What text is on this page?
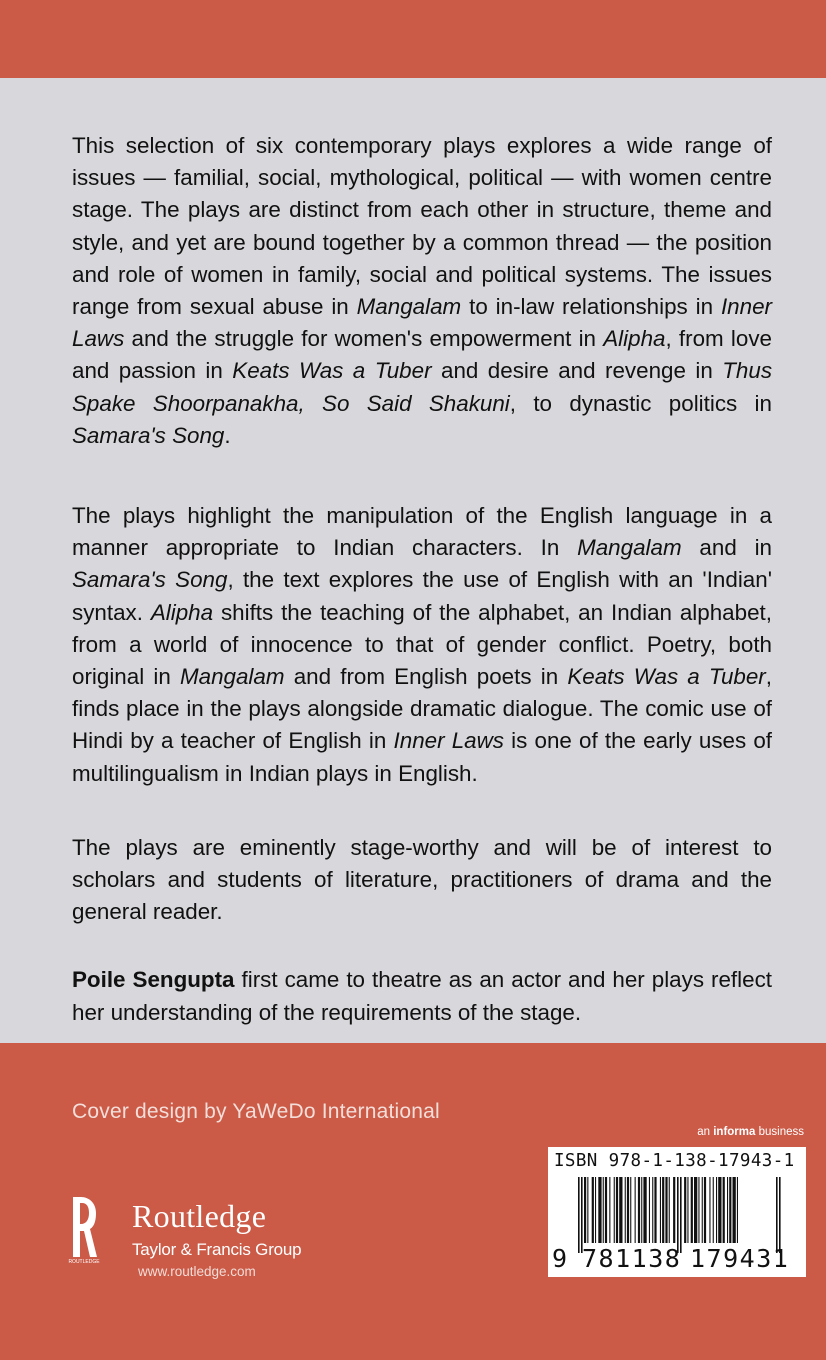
This selection of six contemporary plays explores a wide range of issues — familial, social, mythological, political — with women centre stage. The plays are distinct from each other in structure, theme and style, and yet are bound together by a common thread — the position and role of women in family, social and political systems. The issues range from sexual abuse in Mangalam to in-law relationships in Inner Laws and the struggle for women's empowerment in Alipha, from love and passion in Keats Was a Tuber and desire and revenge in Thus Spake Shoorpanakha, So Said Shakuni, to dynastic politics in Samara's Song.

The plays highlight the manipulation of the English language in a manner appropriate to Indian characters. In Mangalam and in Samara's Song, the text explores the use of English with an 'Indian' syntax. Alipha shifts the teaching of the alphabet, an Indian alphabet, from a world of innocence to that of gender conflict. Poetry, both original in Mangalam and from English poets in Keats Was a Tuber, finds place in the plays alongside dramatic dialogue. The comic use of Hindi by a teacher of English in Inner Laws is one of the early uses of multilingualism in Indian plays in English.

The plays are eminently stage-worthy and will be of interest to scholars and students of literature, practitioners of drama and the general reader.

Poile Sengupta first came to theatre as an actor and her plays reflect her understanding of the requirements of the stage.

Cover design by YaWeDo International
an informa business
ISBN 978-1-138-17943-1
9 781138 179431
ROUTLEDGE
Routledge
Taylor & Francis Group
www.routledge.com
